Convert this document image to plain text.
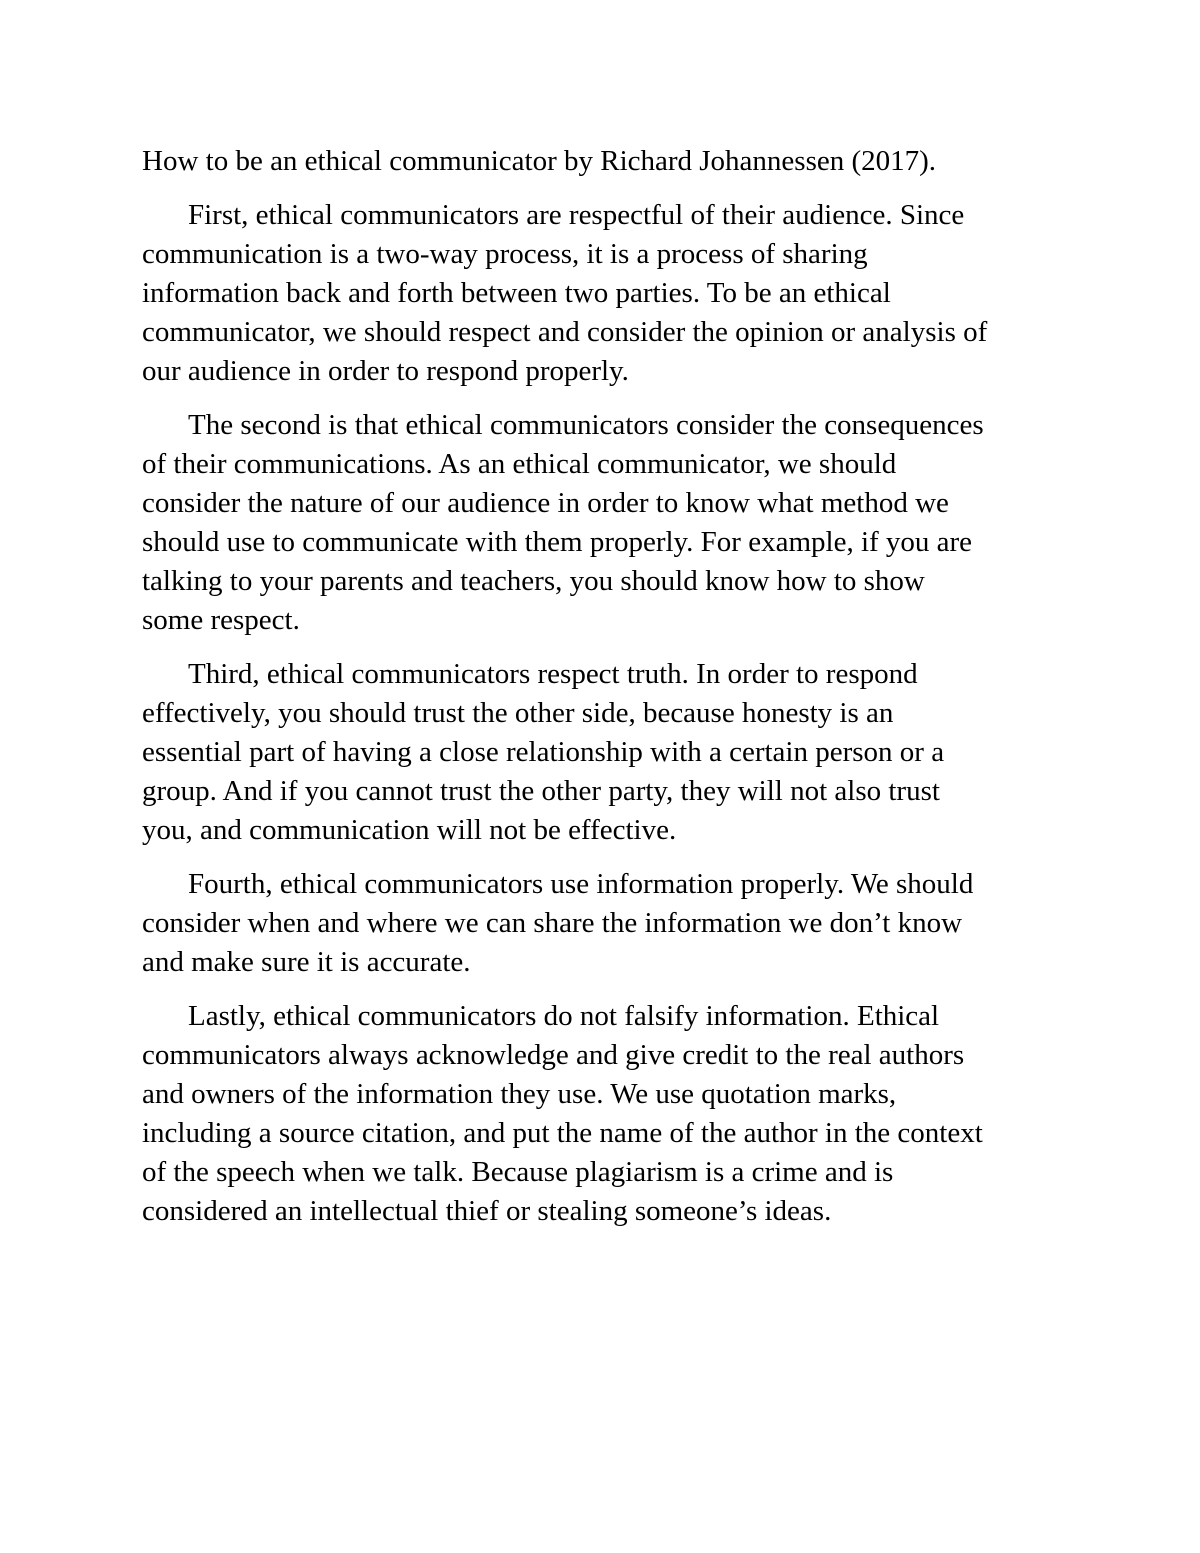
How to be an ethical communicator by Richard Johannessen (2017).
First, ethical communicators are respectful of their audience. Since
communication is a two-way process, it is a process of sharing
information back and forth between two parties. To be an ethical
communicator, we should respect and consider the opinion or analysis of
our audience in order to respond properly.
The second is that ethical communicators consider the consequences
of their communications. As an ethical communicator, we should
consider the nature of our audience in order to know what method we
should use to communicate with them properly. For example, if you are
talking to your parents and teachers, you should know how to show
some respect.
Third, ethical communicators respect truth. In order to respond
effectively, you should trust the other side, because honesty is an
essential part of having a close relationship with a certain person or a
group. And if you cannot trust the other party, they will not also trust
you, and communication will not be effective.
Fourth, ethical communicators use information properly. We should
consider when and where we can share the information we don’t know
and make sure it is accurate.
Lastly, ethical communicators do not falsify information. Ethical
communicators always acknowledge and give credit to the real authors
and owners of the information they use. We use quotation marks,
including a source citation, and put the name of the author in the context
of the speech when we talk. Because plagiarism is a crime and is
considered an intellectual thief or stealing someone’s ideas.
